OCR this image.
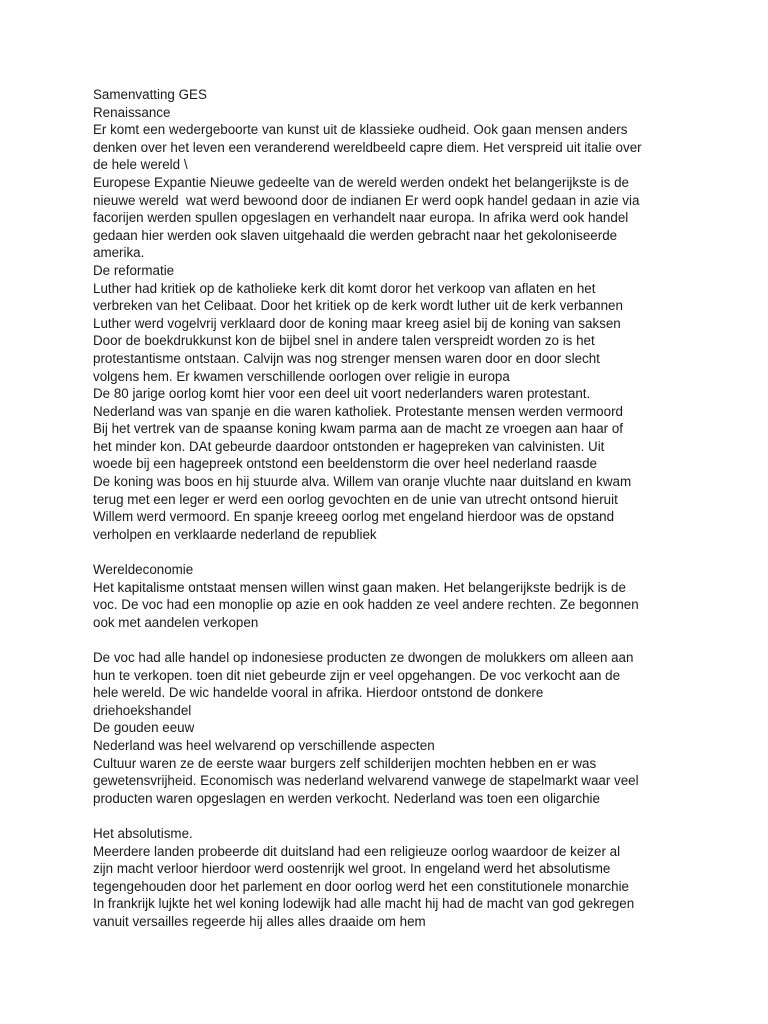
Samenvatting GES
Renaissance
Er komt een wedergeboorte van kunst uit de klassieke oudheid. Ook gaan mensen anders
denken over het leven een veranderend wereldbeeld capre diem. Het verspreid uit italie over
de hele wereld \
Europese Expantie Nieuwe gedeelte van de wereld werden ondekt het belangerijkste is de
nieuwe wereld  wat werd bewoond door de indianen Er werd oopk handel gedaan in azie via
facorijen werden spullen opgeslagen en verhandelt naar europa. In afrika werd ook handel
gedaan hier werden ook slaven uitgehaald die werden gebracht naar het gekoloniseerde
amerika.
De reformatie
Luther had kritiek op de katholieke kerk dit komt doror het verkoop van aflaten en het
verbreken van het Celibaat. Door het kritiek op de kerk wordt luther uit de kerk verbannen
Luther werd vogelvrij verklaard door de koning maar kreeg asiel bij de koning van saksen
Door de boekdrukkunst kon de bijbel snel in andere talen verspreidt worden zo is het
protestantisme ontstaan. Calvijn was nog strenger mensen waren door en door slecht
volgens hem. Er kwamen verschillende oorlogen over religie in europa
De 80 jarige oorlog komt hier voor een deel uit voort nederlanders waren protestant.
Nederland was van spanje en die waren katholiek. Protestante mensen werden vermoord
Bij het vertrek van de spaanse koning kwam parma aan de macht ze vroegen aan haar of
het minder kon. DAt gebeurde daardoor ontstonden er hagepreken van calvinisten. Uit
woede bij een hagepreek ontstond een beeldenstorm die over heel nederland raasde
De koning was boos en hij stuurde alva. Willem van oranje vluchte naar duitsland en kwam
terug met een leger er werd een oorlog gevochten en de unie van utrecht ontsond hieruit
Willem werd vermoord. En spanje kreeeg oorlog met engeland hierdoor was de opstand
verholpen en verklaarde nederland de republiek
Wereldeconomie
Het kapitalisme ontstaat mensen willen winst gaan maken. Het belangerijkste bedrijk is de
voc. De voc had een monoplie op azie en ook hadden ze veel andere rechten. Ze begonnen
ook met aandelen verkopen
De voc had alle handel op indonesiese producten ze dwongen de molukkers om alleen aan
hun te verkopen. toen dit niet gebeurde zijn er veel opgehangen. De voc verkocht aan de
hele wereld. De wic handelde vooral in afrika. Hierdoor ontstond de donkere
driehoekshandel
De gouden eeuw
Nederland was heel welvarend op verschillende aspecten
Cultuur waren ze de eerste waar burgers zelf schilderijen mochten hebben en er was
gewetensvrijheid. Economisch was nederland welvarend vanwege de stapelmarkt waar veel
producten waren opgeslagen en werden verkocht. Nederland was toen een oligarchie
Het absolutisme.
Meerdere landen probeerde dit duitsland had een religieuze oorlog waardoor de keizer al
zijn macht verloor hierdoor werd oostenrijk wel groot. In engeland werd het absolutisme
tegengehouden door het parlement en door oorlog werd het een constitutionele monarchie
In frankrijk lujkte het wel koning lodewijk had alle macht hij had de macht van god gekregen
vanuit versailles regeerde hij alles alles draaide om hem
